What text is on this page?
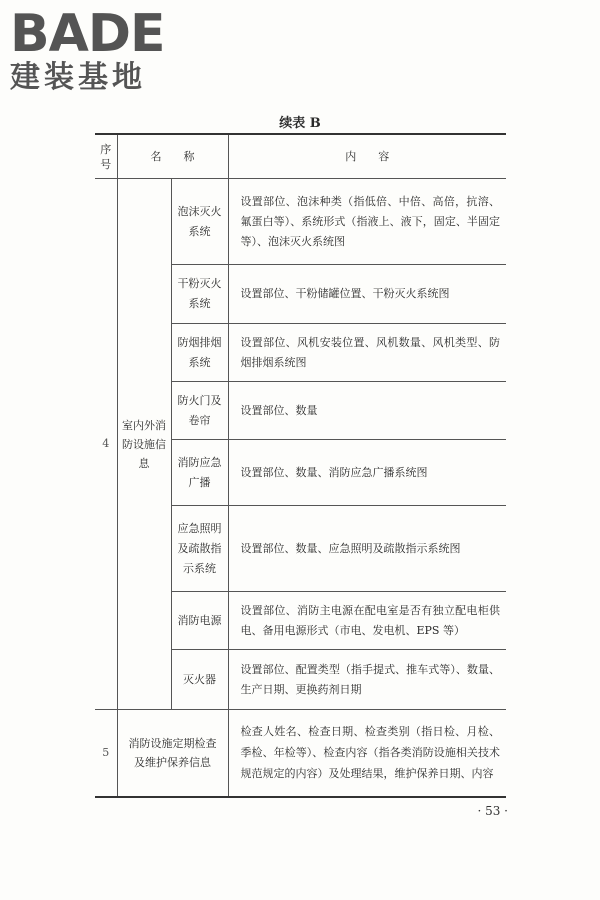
BADE
建装基地
续表 B
序号	名　　称		内　　容
4	室内外消防设施信息	泡沫灭火系统	设置部位、泡沫种类（指低倍、中倍、高倍，抗溶、氟蛋白等）、系统形式（指液上、液下，固定、半固定等）、泡沫灭火系统图
		干粉灭火系统	设置部位、干粉储罐位置、干粉灭火系统图
		防烟排烟系统	设置部位、风机安装位置、风机数量、风机类型、防烟排烟系统图
		防火门及卷帘	设置部位、数量
		消防应急广播	设置部位、数量、消防应急广播系统图
		应急照明及疏散指示系统	设置部位、数量、应急照明及疏散指示系统图
		消防电源	设置部位、消防主电源在配电室是否有独立配电柜供电、备用电源形式（市电、发电机、EPS 等）
		灭火器	设置部位、配置类型（指手提式、推车式等）、数量、生产日期、更换药剂日期
5	消防设施定期检查及维护保养信息		检查人姓名、检查日期、检查类别（指日检、月检、季检、年检等）、检查内容（指各类消防设施相关技术规范规定的内容）及处理结果，维护保养日期、内容
· 53 ·
